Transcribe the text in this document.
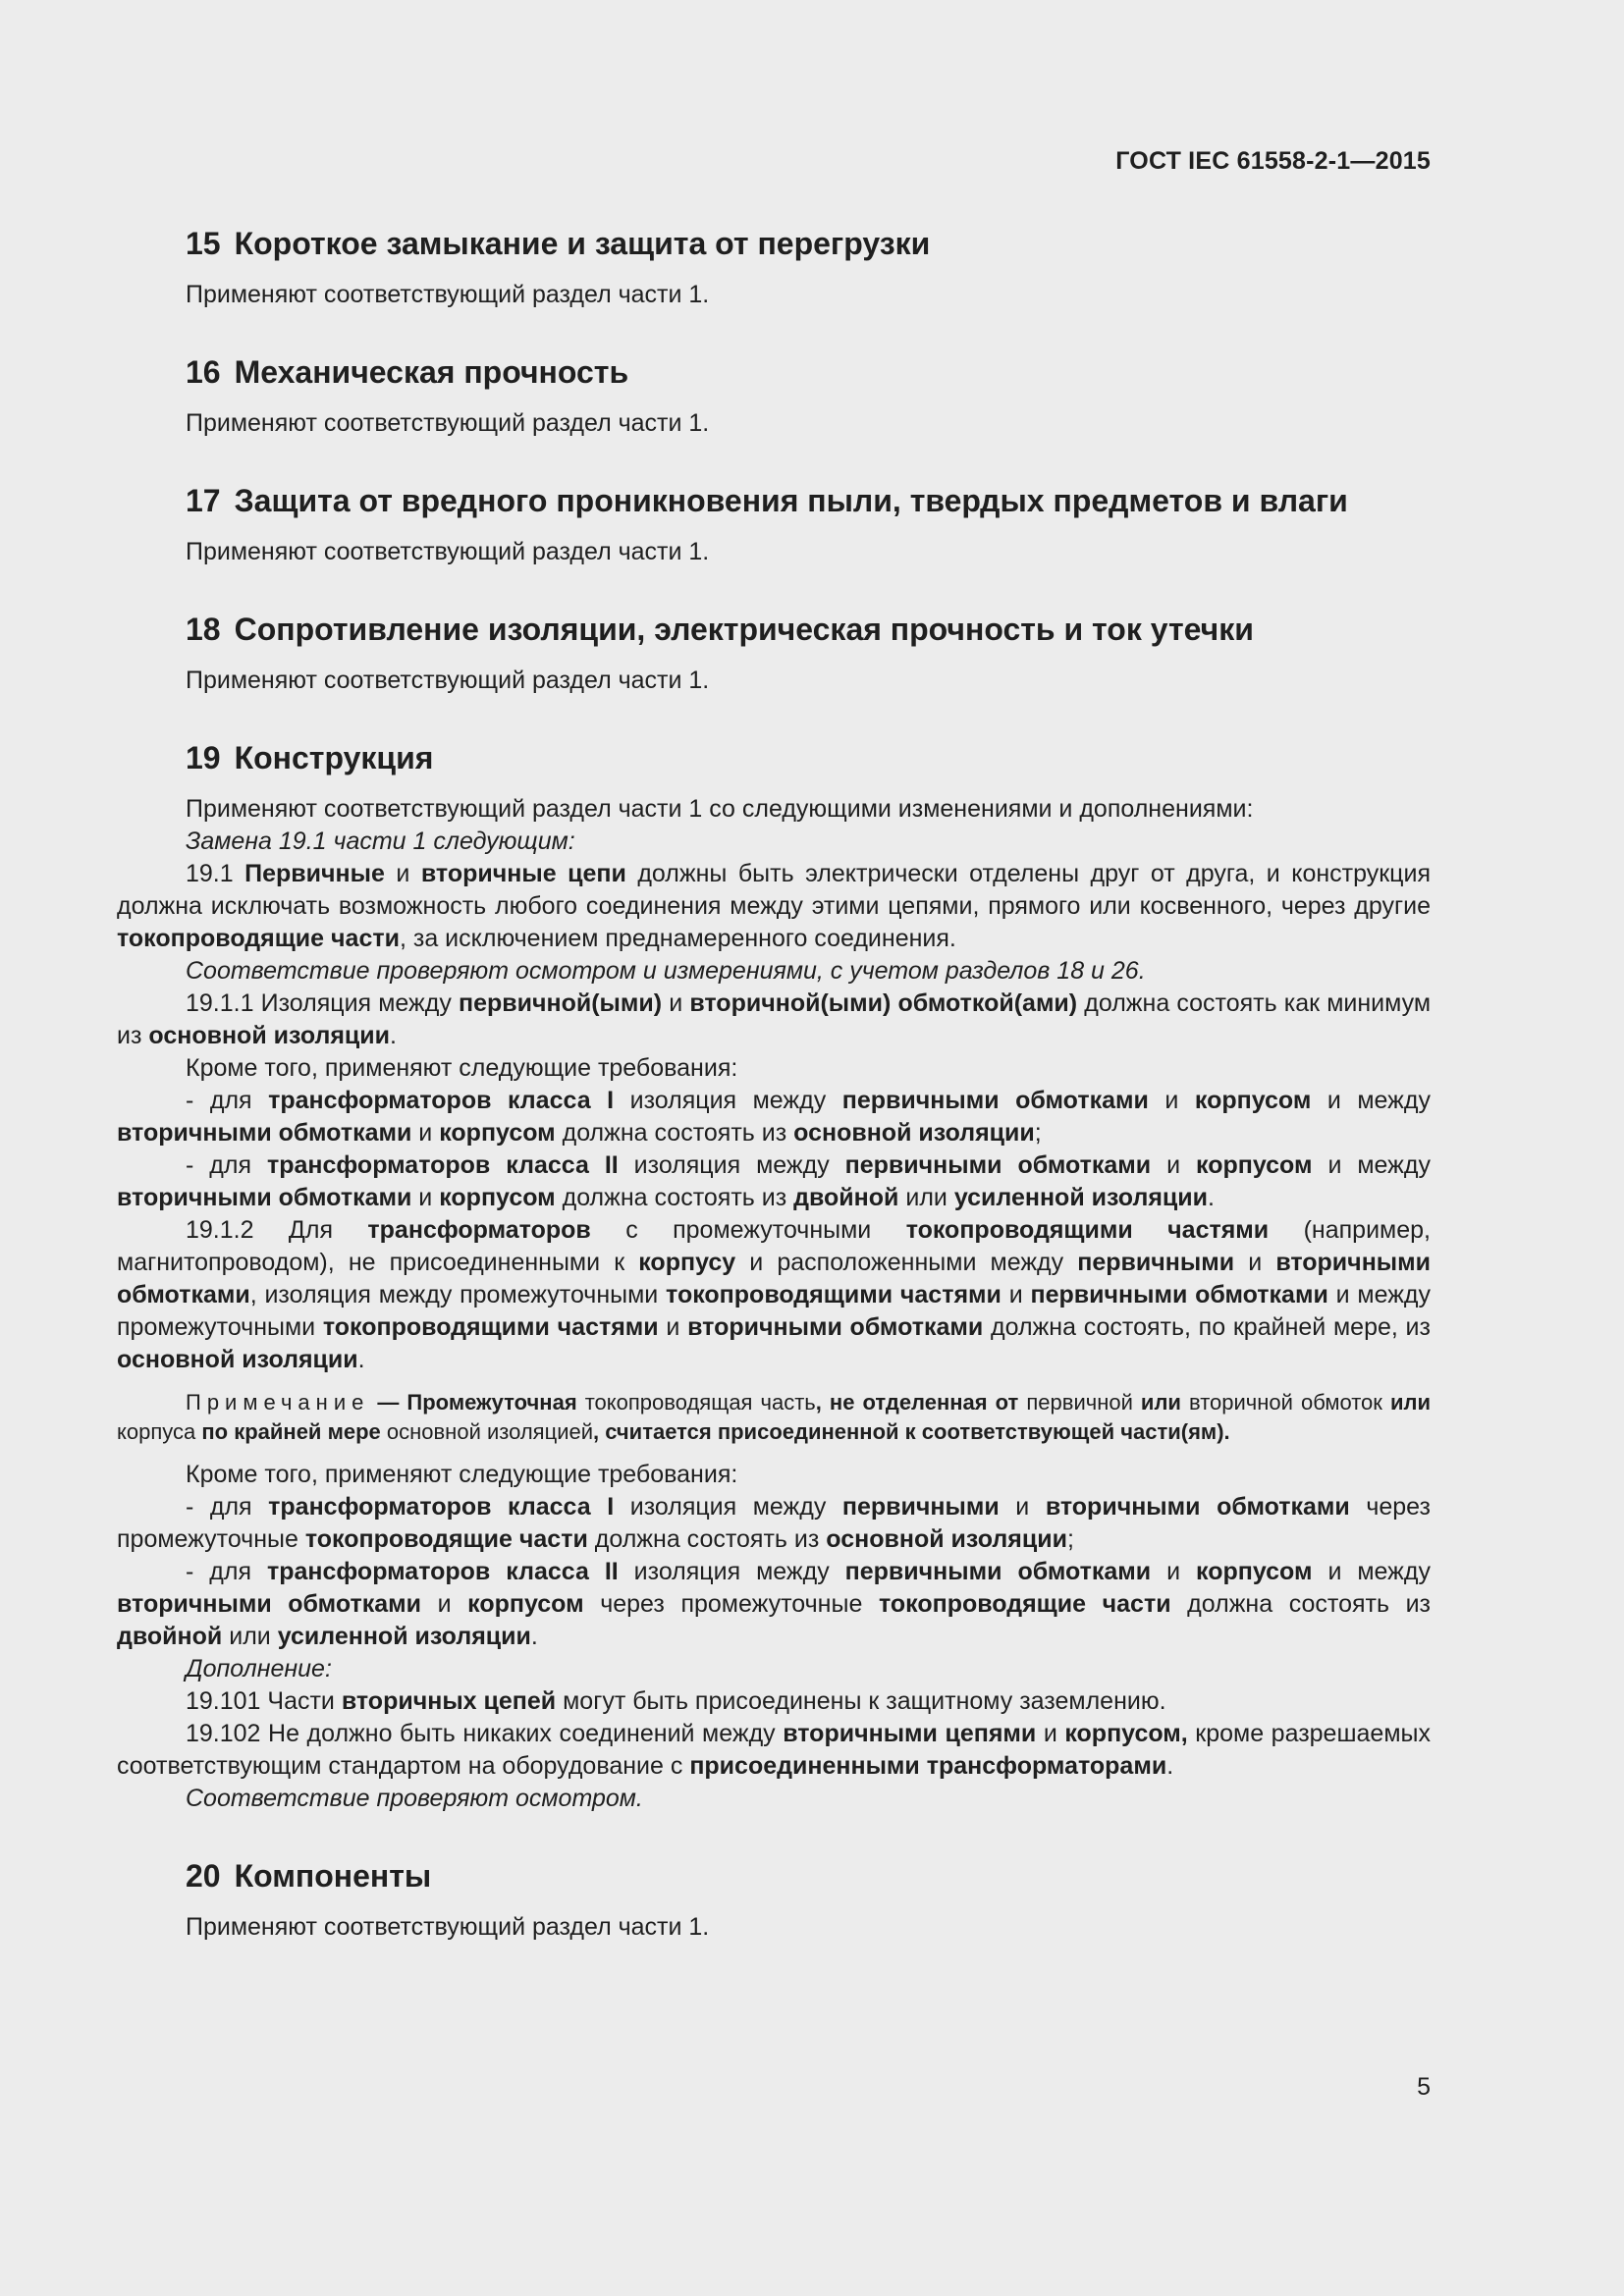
ГОСТ IEC 61558-2-1—2015
15 Короткое замыкание и защита от перегрузки

Применяют соответствующий раздел части 1.

16 Механическая прочность

Применяют соответствующий раздел части 1.

17 Защита от вредного проникновения пыли, твердых предметов и влаги

Применяют соответствующий раздел части 1.

18 Сопротивление изоляции, электрическая прочность и ток утечки

Применяют соответствующий раздел части 1.

19 Конструкция

Применяют соответствующий раздел части 1 со следующими изменениями и дополнениями:

Замена 19.1 части 1 следующим:

19.1 Первичные и вторичные цепи должны быть электрически отделены друг от друга, и конструкция должна исключать возможность любого соединения между этими цепями, прямого или косвенного, через другие токопроводящие части, за исключением преднамеренного соединения.

Соответствие проверяют осмотром и измерениями, с учетом разделов 18 и 26.

19.1.1 Изоляция между первичной(ыми) и вторичной(ыми) обмоткой(ами) должна состоять как минимум из основной изоляции.

Кроме того, применяют следующие требования:

- для трансформаторов класса I изоляция между первичными обмотками и корпусом и между вторичными обмотками и корпусом должна состоять из основной изоляции;

- для трансформаторов класса II изоляция между первичными обмотками и корпусом и между вторичными обмотками и корпусом должна состоять из двойной или усиленной изоляции.

19.1.2 Для трансформаторов с промежуточными токопроводящими частями (например, магнитопроводом), не присоединенными к корпусу и расположенными между первичными и вторичными обмотками, изоляция между промежуточными токопроводящими частями и первичными обмотками и между промежуточными токопроводящими частями и вторичными обмотками должна состоять, по крайней мере, из основной изоляции.

Примечание — Промежуточная токопроводящая часть, не отделенная от первичной или вторичной обмоток или корпуса по крайней мере основной изоляцией, считается присоединенной к соответствующей части(ям).

Кроме того, применяют следующие требования:

- для трансформаторов класса I изоляция между первичными и вторичными обмотками через промежуточные токопроводящие части должна состоять из основной изоляции;

- для трансформаторов класса II изоляция между первичными обмотками и корпусом и между вторичными обмотками и корпусом через промежуточные токопроводящие части должна состоять из двойной или усиленной изоляции.

Дополнение:

19.101 Части вторичных цепей могут быть присоединены к защитному заземлению.

19.102 Не должно быть никаких соединений между вторичными цепями и корпусом, кроме разрешаемых соответствующим стандартом на оборудование с присоединенными трансформаторами.

Соответствие проверяют осмотром.

20 Компоненты

Применяют соответствующий раздел части 1.

5
